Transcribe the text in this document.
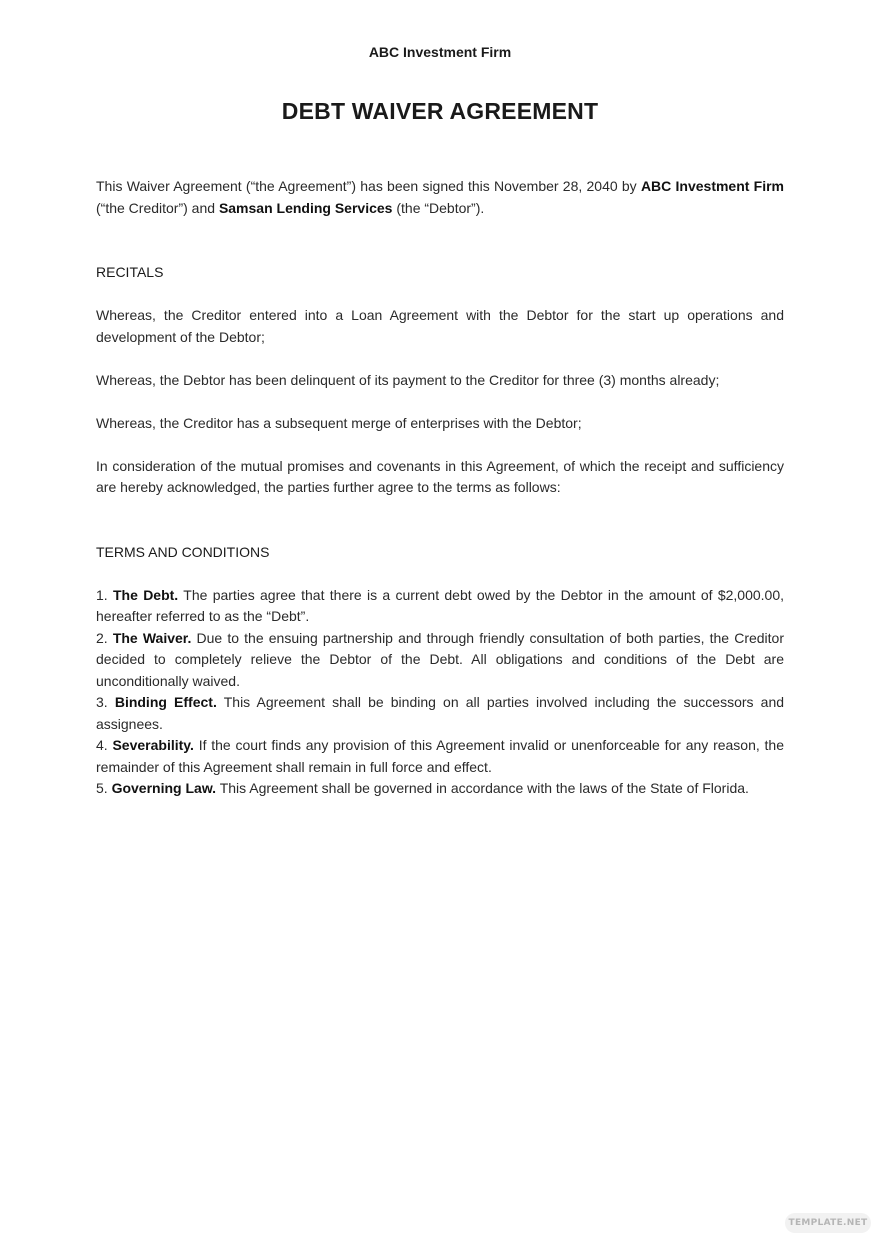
ABC Investment Firm
DEBT WAIVER AGREEMENT

This Waiver Agreement (“the Agreement”) has been signed this November 28, 2040 by ABC Investment Firm (“the Creditor”) and Samsan Lending Services (the “Debtor”).

RECITALS

Whereas, the Creditor entered into a Loan Agreement with the Debtor for the start up operations and development of the Debtor;

Whereas, the Debtor has been delinquent of its payment to the Creditor for three (3) months already;

Whereas, the Creditor has a subsequent merge of enterprises with the Debtor;

In consideration of the mutual promises and covenants in this Agreement, of which the receipt and sufficiency are hereby acknowledged, the parties further agree to the terms as follows:

TERMS AND CONDITIONS

1. The Debt. The parties agree that there is a current debt owed by the Debtor in the amount of $2,000.00, hereafter referred to as the “Debt”.

2. The Waiver. Due to the ensuing partnership and through friendly consultation of both parties, the Creditor decided to completely relieve the Debtor of the Debt. All obligations and conditions of the Debt are unconditionally waived.

3. Binding Effect. This Agreement shall be binding on all parties involved including the successors and assignees.

4. Severability. If the court finds any provision of this Agreement invalid or unenforceable for any reason, the remainder of this Agreement shall remain in full force and effect.

5. Governing Law. This Agreement shall be governed in accordance with the laws of the State of Florida.

TEMPLATE.NET
